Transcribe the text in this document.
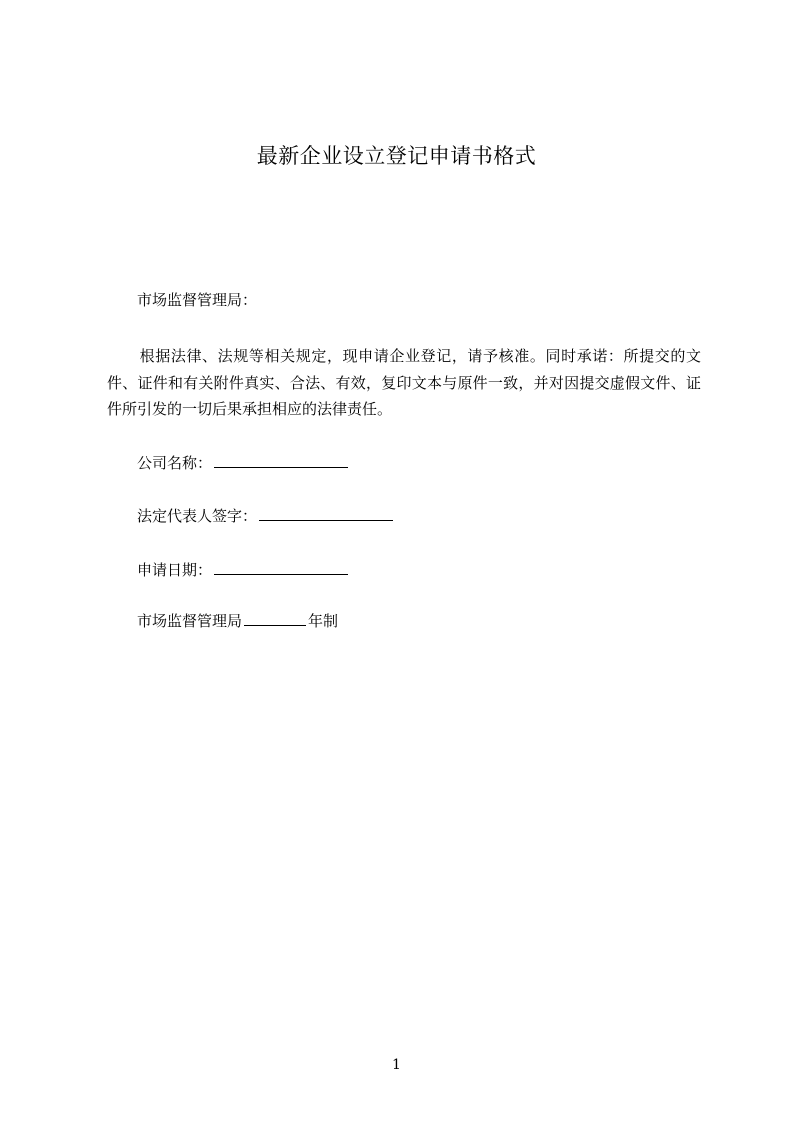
最新企业设立登记申请书格式
市场监督管理局：
根据法律、法规等相关规定，现申请企业登记，请予核准。同时承诺：所提交的文件、证件和有关附件真实、合法、有效，复印文本与原件一致，并对因提交虚假文件、证件所引发的一切后果承担相应的法律责任。
公司名称：
法定代表人签字：
申请日期：
市场监督管理局	年制
1
